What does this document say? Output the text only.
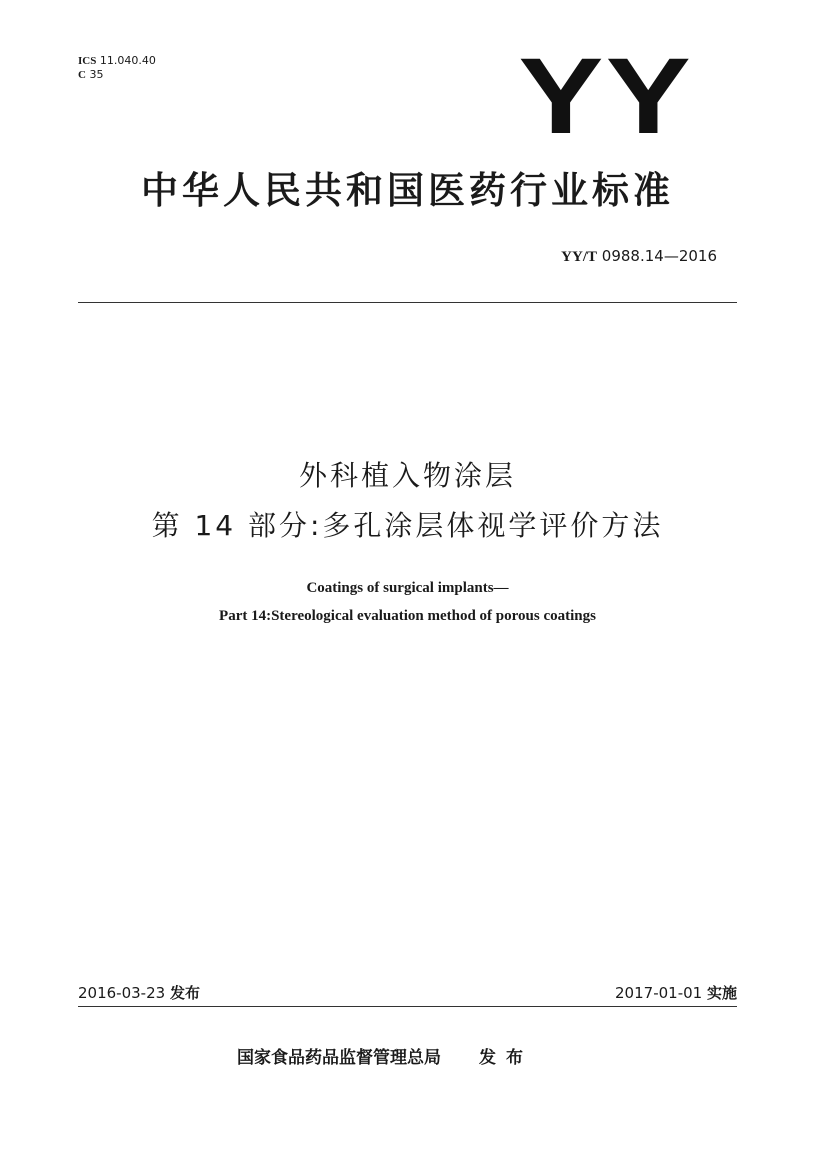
ICS 11.040.40
C 35	YY
中华人民共和国医药行业标准
YY/T 0988.14—2016
外科植入物涂层
第 14 部分:多孔涂层体视学评价方法
Coatings of surgical implants—
Part 14:Stereological evaluation method of porous coatings
2016-03-23 发布	2017-01-01 实施
国家食品药品监督管理总局 发布
